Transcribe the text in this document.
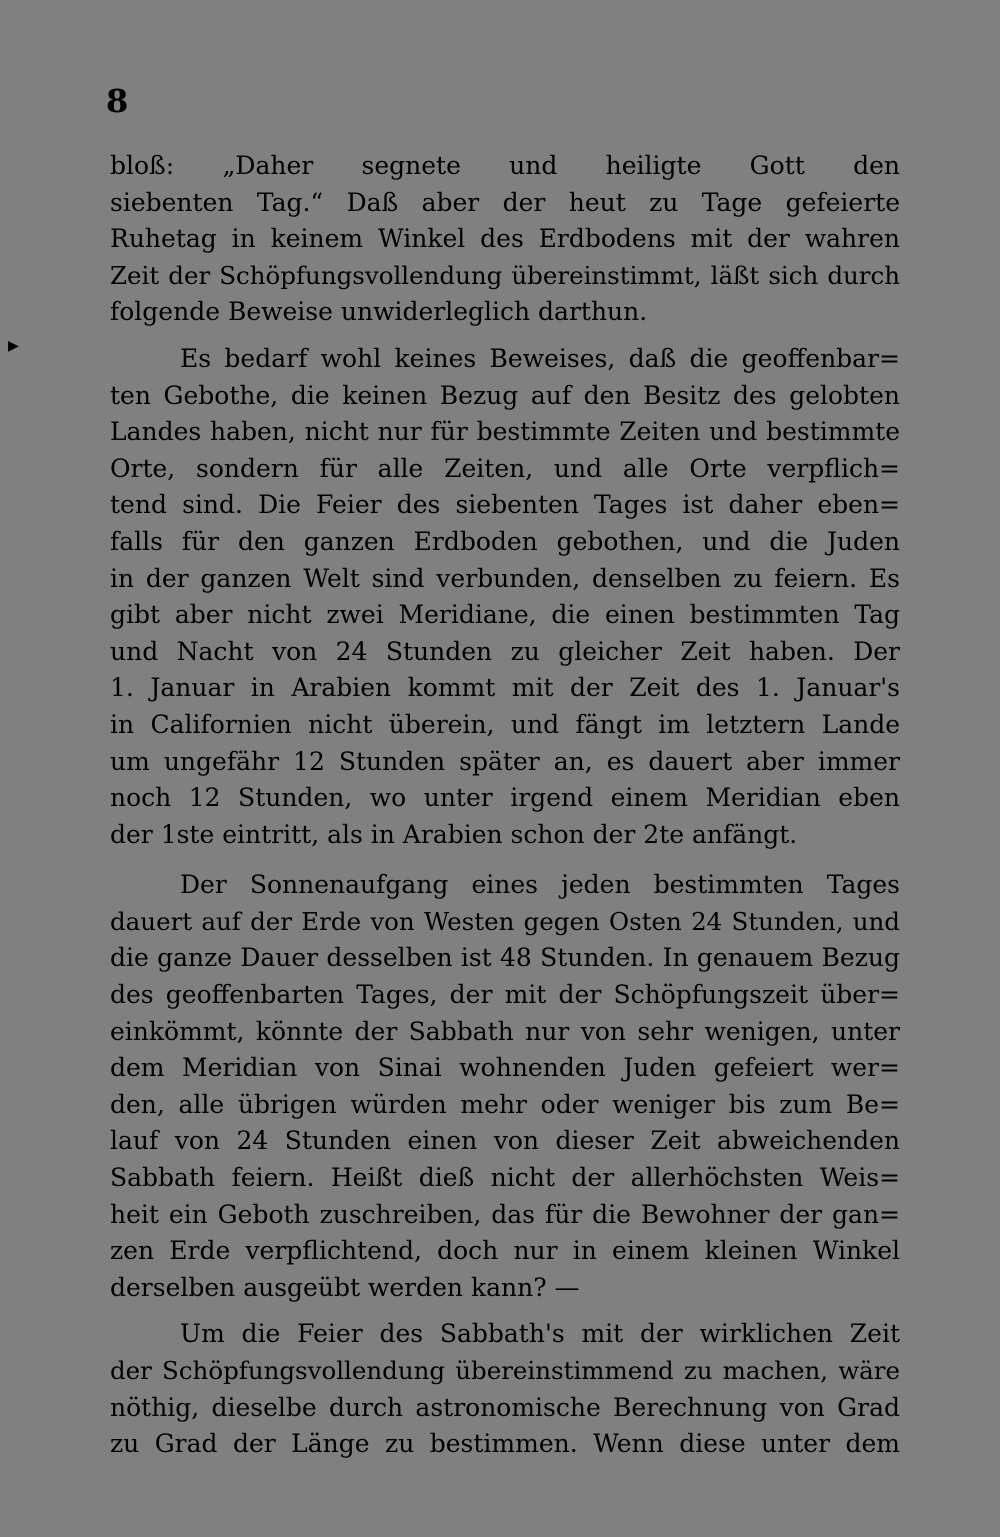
8
▶
bloß: „Daher segnete und heiligte Gott den
siebenten Tag.“ Daß aber der heut zu Tage gefeierte
Ruhetag in keinem Winkel des Erdbodens mit der wahren
Zeit der Schöpfungsvollendung übereinstimmt, läßt sich durch
folgende Beweise unwiderleglich darthun.
Es bedarf wohl keines Beweises, daß die geoffenbar=
ten Gebothe, die keinen Bezug auf den Besitz des gelobten
Landes haben, nicht nur für bestimmte Zeiten und bestimmte
Orte, sondern für alle Zeiten, und alle Orte verpflich=
tend sind. Die Feier des siebenten Tages ist daher eben=
falls für den ganzen Erdboden gebothen, und die Juden
in der ganzen Welt sind verbunden, denselben zu feiern. Es
gibt aber nicht zwei Meridiane, die einen bestimmten Tag
und Nacht von 24 Stunden zu gleicher Zeit haben. Der
1. Januar in Arabien kommt mit der Zeit des 1. Januar's
in Californien nicht überein, und fängt im letztern Lande
um ungefähr 12 Stunden später an, es dauert aber immer
noch 12 Stunden, wo unter irgend einem Meridian eben
der 1ste eintritt, als in Arabien schon der 2te anfängt.
Der Sonnenaufgang eines jeden bestimmten Tages
dauert auf der Erde von Westen gegen Osten 24 Stunden, und
die ganze Dauer desselben ist 48 Stunden. In genauem Bezug
des geoffenbarten Tages, der mit der Schöpfungszeit über=
einkömmt, könnte der Sabbath nur von sehr wenigen, unter
dem Meridian von Sinai wohnenden Juden gefeiert wer=
den, alle übrigen würden mehr oder weniger bis zum Be=
lauf von 24 Stunden einen von dieser Zeit abweichenden
Sabbath feiern. Heißt dieß nicht der allerhöchsten Weis=
heit ein Geboth zuschreiben, das für die Bewohner der gan=
zen Erde verpflichtend, doch nur in einem kleinen Winkel
derselben ausgeübt werden kann? —
Um die Feier des Sabbath's mit der wirklichen Zeit
der Schöpfungsvollendung übereinstimmend zu machen, wäre
nöthig, dieselbe durch astronomische Berechnung von Grad
zu Grad der Länge zu bestimmen. Wenn diese unter dem
